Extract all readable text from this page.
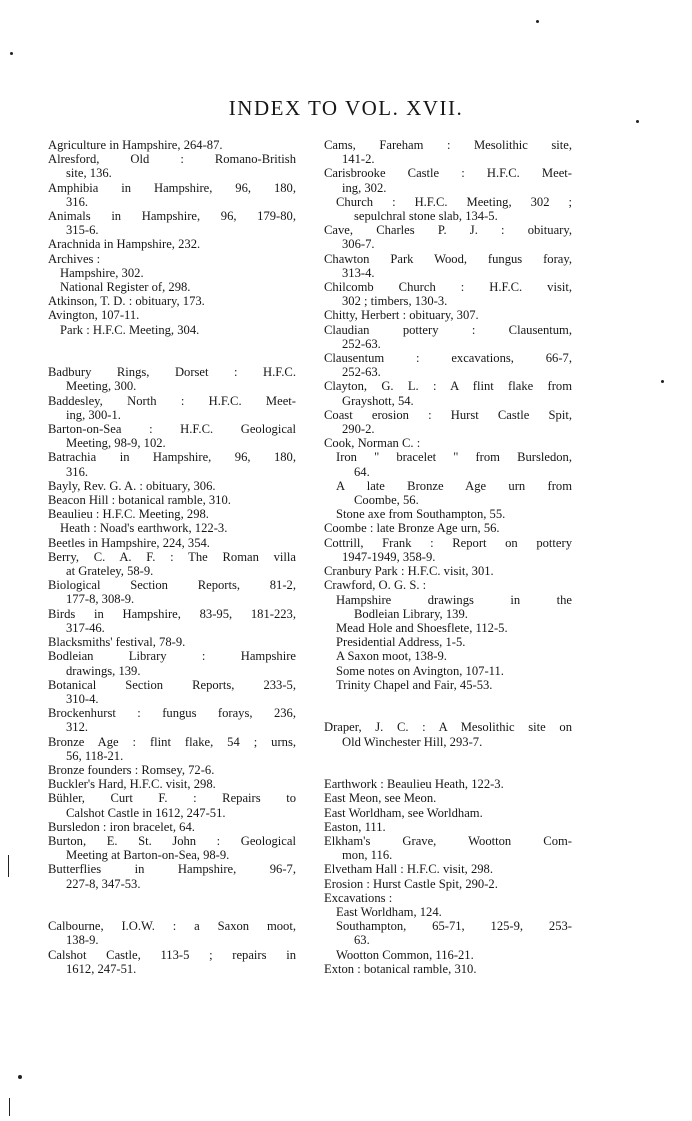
INDEX TO VOL. XVII.
Agriculture in Hampshire, 264-87.
Alresford, Old : Romano-British
site, 136.
Amphibia in Hampshire, 96, 180,
316.
Animals in Hampshire, 96, 179-80,
315-6.
Arachnida in Hampshire, 232.
Archives :
Hampshire, 302.
National Register of, 298.
Atkinson, T. D. : obituary, 173.
Avington, 107-11.
Park : H.F.C. Meeting, 304.
Badbury Rings, Dorset : H.F.C.
Meeting, 300.
Baddesley, North : H.F.C. Meet-
ing, 300-1.
Barton-on-Sea : H.F.C. Geological
Meeting, 98-9, 102.
Batrachia in Hampshire, 96, 180,
316.
Bayly, Rev. G. A. : obituary, 306.
Beacon Hill : botanical ramble, 310.
Beaulieu : H.F.C. Meeting, 298.
Heath : Noad's earthwork, 122-3.
Beetles in Hampshire, 224, 354.
Berry, C. A. F. : The Roman villa
at Grateley, 58-9.
Biological Section Reports, 81-2,
177-8, 308-9.
Birds in Hampshire, 83-95, 181-223,
317-46.
Blacksmiths' festival, 78-9.
Bodleian Library : Hampshire
drawings, 139.
Botanical Section Reports, 233-5,
310-4.
Brockenhurst : fungus forays, 236,
312.
Bronze Age : flint flake, 54 ; urns,
56, 118-21.
Bronze founders : Romsey, 72-6.
Buckler's Hard, H.F.C. visit, 298.
Bühler, Curt F. : Repairs to
Calshot Castle in 1612, 247-51.
Bursledon : iron bracelet, 64.
Burton, E. St. John : Geological
Meeting at Barton-on-Sea, 98-9.
Butterflies in Hampshire, 96-7,
227-8, 347-53.
Calbourne, I.O.W. : a Saxon moot,
138-9.
Calshot Castle, 113-5 ; repairs in
1612, 247-51.
Cams, Fareham : Mesolithic site,
141-2.
Carisbrooke Castle : H.F.C. Meet-
ing, 302.
Church : H.F.C. Meeting, 302 ;
sepulchral stone slab, 134-5.
Cave, Charles P. J. : obituary,
306-7.
Chawton Park Wood, fungus foray,
313-4.
Chilcomb Church : H.F.C. visit,
302 ; timbers, 130-3.
Chitty, Herbert : obituary, 307.
Claudian pottery : Clausentum,
252-63.
Clausentum : excavations, 66-7,
252-63.
Clayton, G. L. : A flint flake from
Grayshott, 54.
Coast erosion : Hurst Castle Spit,
290-2.
Cook, Norman C. :
Iron " bracelet " from Bursledon,
64.
A late Bronze Age urn from
Coombe, 56.
Stone axe from Southampton, 55.
Coombe : late Bronze Age urn, 56.
Cottrill, Frank : Report on pottery
1947-1949, 358-9.
Cranbury Park : H.F.C. visit, 301.
Crawford, O. G. S. :
Hampshire drawings in the
Bodleian Library, 139.
Mead Hole and Shoesflete, 112-5.
Presidential Address, 1-5.
A Saxon moot, 138-9.
Some notes on Avington, 107-11.
Trinity Chapel and Fair, 45-53.
Draper, J. C. : A Mesolithic site on
Old Winchester Hill, 293-7.
Earthwork : Beaulieu Heath, 122-3.
East Meon, see Meon.
East Worldham, see Worldham.
Easton, 111.
Elkham's Grave, Wootton Com-
mon, 116.
Elvetham Hall : H.F.C. visit, 298.
Erosion : Hurst Castle Spit, 290-2.
Excavations :
East Worldham, 124.
Southampton, 65-71, 125-9, 253-
63.
Wootton Common, 116-21.
Exton : botanical ramble, 310.
